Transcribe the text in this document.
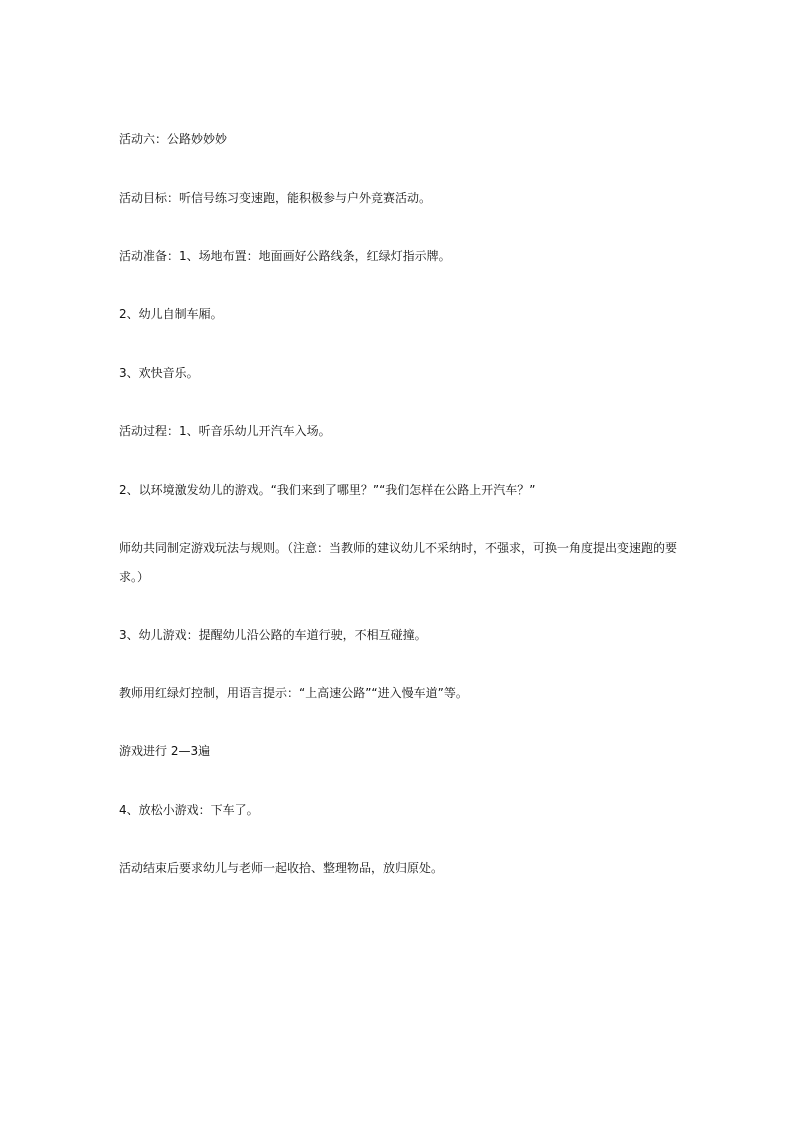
活动六：公路妙妙妙
活动目标：听信号练习变速跑，能积极参与户外竞赛活动。
活动准备：1、场地布置：地面画好公路线条，红绿灯指示牌。
2、幼儿自制车厢。
3、欢快音乐。
活动过程：1、听音乐幼儿开汽车入场。
2、以环境激发幼儿的游戏。“我们来到了哪里？”“我们怎样在公路上开汽车？”
师幼共同制定游戏玩法与规则。（注意：当教师的建议幼儿不采纳时，不强求，可换一角度提出变速跑的要求。）
3、幼儿游戏：提醒幼儿沿公路的车道行驶，不相互碰撞。
教师用红绿灯控制，用语言提示：“上高速公路”“进入慢车道”等。
游戏进行 2—3遍
4、放松小游戏：下车了。
活动结束后要求幼儿与老师一起收拾、整理物品，放归原处。
